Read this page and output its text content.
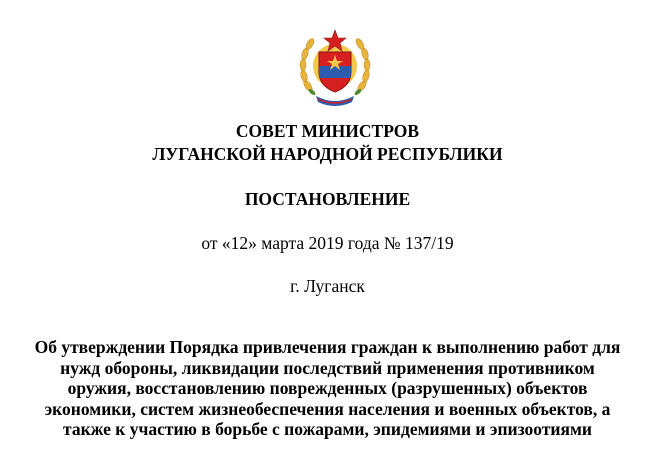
СОВЕТ МИНИСТРОВ
ЛУГАНСКОЙ НАРОДНОЙ РЕСПУБЛИКИ
ПОСТАНОВЛЕНИЕ
от «12» марта 2019 года № 137/19
г. Луганск
Об утверждении Порядка привлечения граждан к выполнению работ для
нужд обороны, ликвидации последствий применения противником
оружия, восстановлению поврежденных (разрушенных) объектов
экономики, систем жизнеобеспечения населения и военных объектов, а
также к участию в борьбе с пожарами, эпидемиями и эпизоотиями
